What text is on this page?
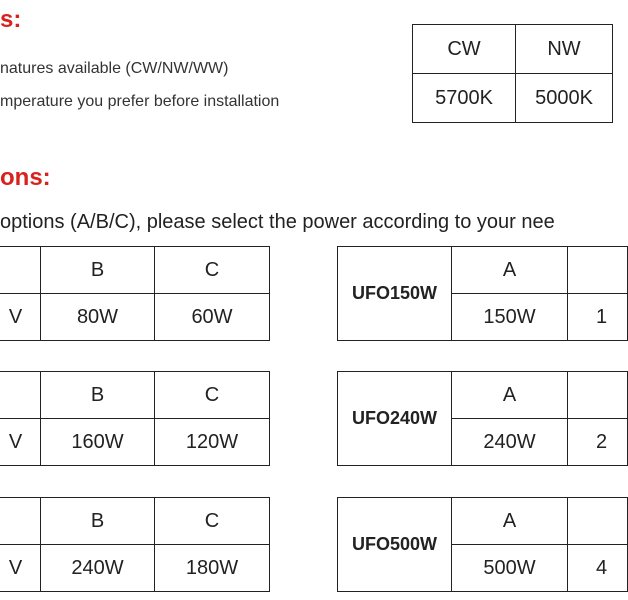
s:
natures available (CW/NW/WW)
mperature you prefer before installation
CW	NW
5700K	5000K
ons:
options (A/B/C), please select the power according to your nee
	B	C
V	80W	60W
	B	C
V	160W	120W
	B	C
V	240W	180W
UFO150W	A	
	150W	1
UFO240W	A	
	240W	2
UFO500W	A	
	500W	4
